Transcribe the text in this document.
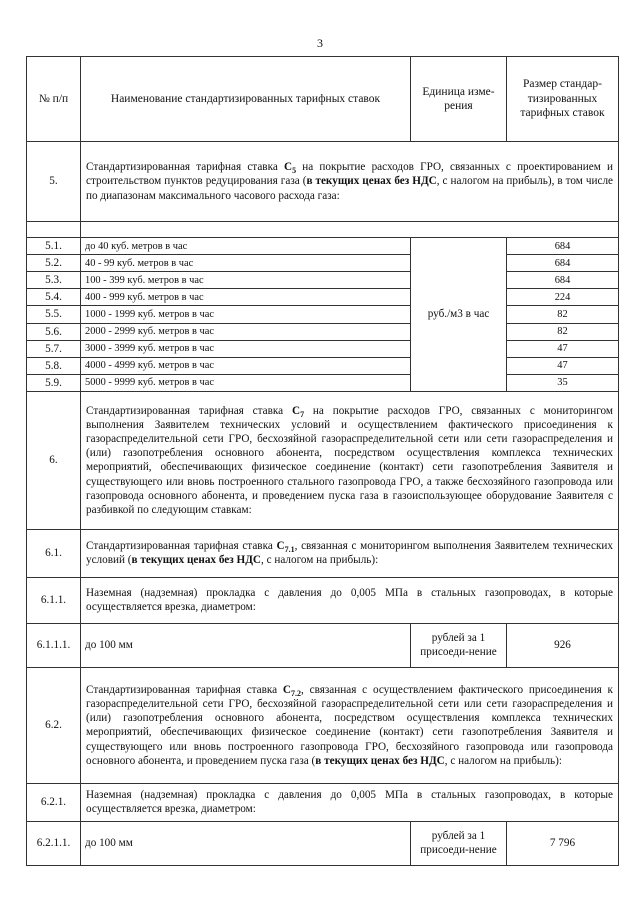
3
№ п/п	Наименование стандартизированных тарифных ставок	Единица изме-рения	Размер стандар-тизированных тарифных ставок
5.	Стандартизированная тарифная ставка $С_5$ на покрытие расходов ГРО, связанных с проектированием и строительством пунктов редуцирования газа (в текущих ценах без НДС, с налогом на прибыль), в том числе по диапазонам максимального часового расхода газа:		

5.1.	до 40 куб. метров в час	руб./м3 в час	684
5.2.	40 - 99 куб. метров в час		684
5.3.	100 - 399 куб. метров в час		684
5.4.	400 - 999 куб. метров в час		224
5.5.	1000 - 1999 куб. метров в час		82
5.6.	2000 - 2999 куб. метров в час		82
5.7.	3000 - 3999 куб. метров в час		47
5.8.	4000 - 4999 куб. метров в час		47
5.9.	5000 - 9999 куб. метров в час		35
6.	Стандартизированная тарифная ставка $С_7$ на покрытие расходов ГРО, связанных с мониторингом выполнения Заявителем технических условий и осуществлением фактического присоединения к газораспределительной сети ГРО, бесхозяйной газораспределительной сети или сети газораспределения и (или) газопотребления основного абонента, посредством осуществления комплекса технических мероприятий, обеспечивающих физическое соединение (контакт) сети газопотребления Заявителя и существующего или вновь построенного стального газопровода ГРО, а также бесхозяйного газопровода или газопровода основного абонента, и проведением пуска газа в газоиспользующее оборудование Заявителя с разбивкой по следующим ставкам:		
6.1.	Стандартизированная тарифная ставка $С_{7.1}$, связанная с мониторингом выполнения Заявителем технических условий (в текущих ценах без НДС, с налогом на прибыль):		
6.1.1.	Наземная (надземная) прокладка с давления до 0,005 МПа в стальных газопроводах, в которые осуществляется врезка, диаметром:		
6.1.1.1.	до 100 мм	рублей за 1 присоеди-нение	926
6.2.	Стандартизированная тарифная ставка $С_{7.2}$, связанная с осуществлением фактического присоединения к газораспределительной сети ГРО, бесхозяйной газораспределительной сети или сети газораспределения и (или) газопотребления основного абонента, посредством осуществления комплекса технических мероприятий, обеспечивающих физическое соединение (контакт) сети газопотребления Заявителя и существующего или вновь построенного газопровода ГРО, бесхозяйного газопровода или газопровода основного абонента, и проведением пуска газа (в текущих ценах без НДС, с налогом на прибыль):		
6.2.1.	Наземная (надземная) прокладка с давления до 0,005 МПа в стальных газопроводах, в которые осуществляется врезка, диаметром:		
6.2.1.1.	до 100 мм	рублей за 1 присоеди-нение	7 796
